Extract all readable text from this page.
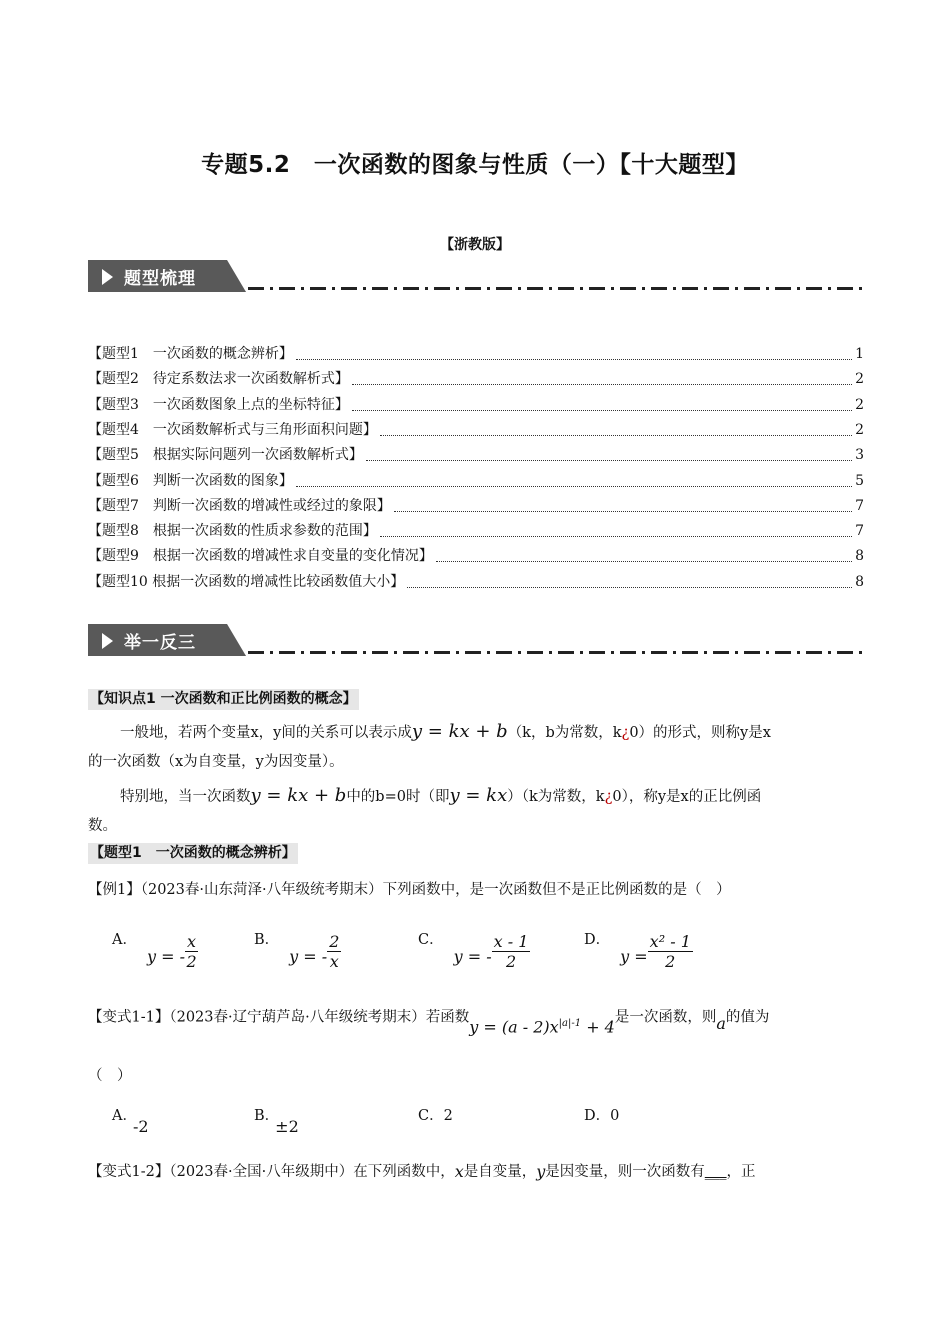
专题5.2　一次函数的图象与性质（一）【十大题型】
【浙教版】
题型梳理
【题型1　一次函数的概念辨析】	1
【题型2　待定系数法求一次函数解析式】	2
【题型3　一次函数图象上点的坐标特征】	2
【题型4　一次函数解析式与三角形面积问题】	2
【题型5　根据实际问题列一次函数解析式】	3
【题型6　判断一次函数的图象】	5
【题型7　判断一次函数的增减性或经过的象限】	7
【题型8　根据一次函数的性质求参数的范围】	7
【题型9　根据一次函数的增减性求自变量的变化情况】	8
【题型10 根据一次函数的增减性比较函数值大小】	8
举一反三
【知识点1 一次函数和正比例函数的概念】
一般地，若两个变量x，y间的关系可以表示成y = kx + b（k，b为常数，k¿0）的形式，则称y是x
的一次函数（x为自变量，y为因变量）。
特别地，当一次函数y = kx + b中的b=0时（即y = kx）（k为常数，k¿0），称y是x的正比例函
数。
【题型1　一次函数的概念辨析】
【例1】（2023春·山东菏泽·八年级统考期末）下列函数中，是一次函数但不是正比例函数的是（　）
A．y = - $\frac{x}{2}$	B．y = - $\frac{2}{x}$	C．y = - $\frac{x - 1}{2}$	D．$y = \frac{\text{x² - 1}}{2}$
【变式1-1】（2023春·辽宁葫芦岛·八年级统考期末）若函数$y = (a - 2)x^{|a|-1} + 4$是一次函数，则a的值为
（　）
A．-2
B．±2
C．2	D．0
【变式1-2】（2023春·全国·八年级期中）在下列函数中，x是自变量，y是因变量，则一次函数有___，正
